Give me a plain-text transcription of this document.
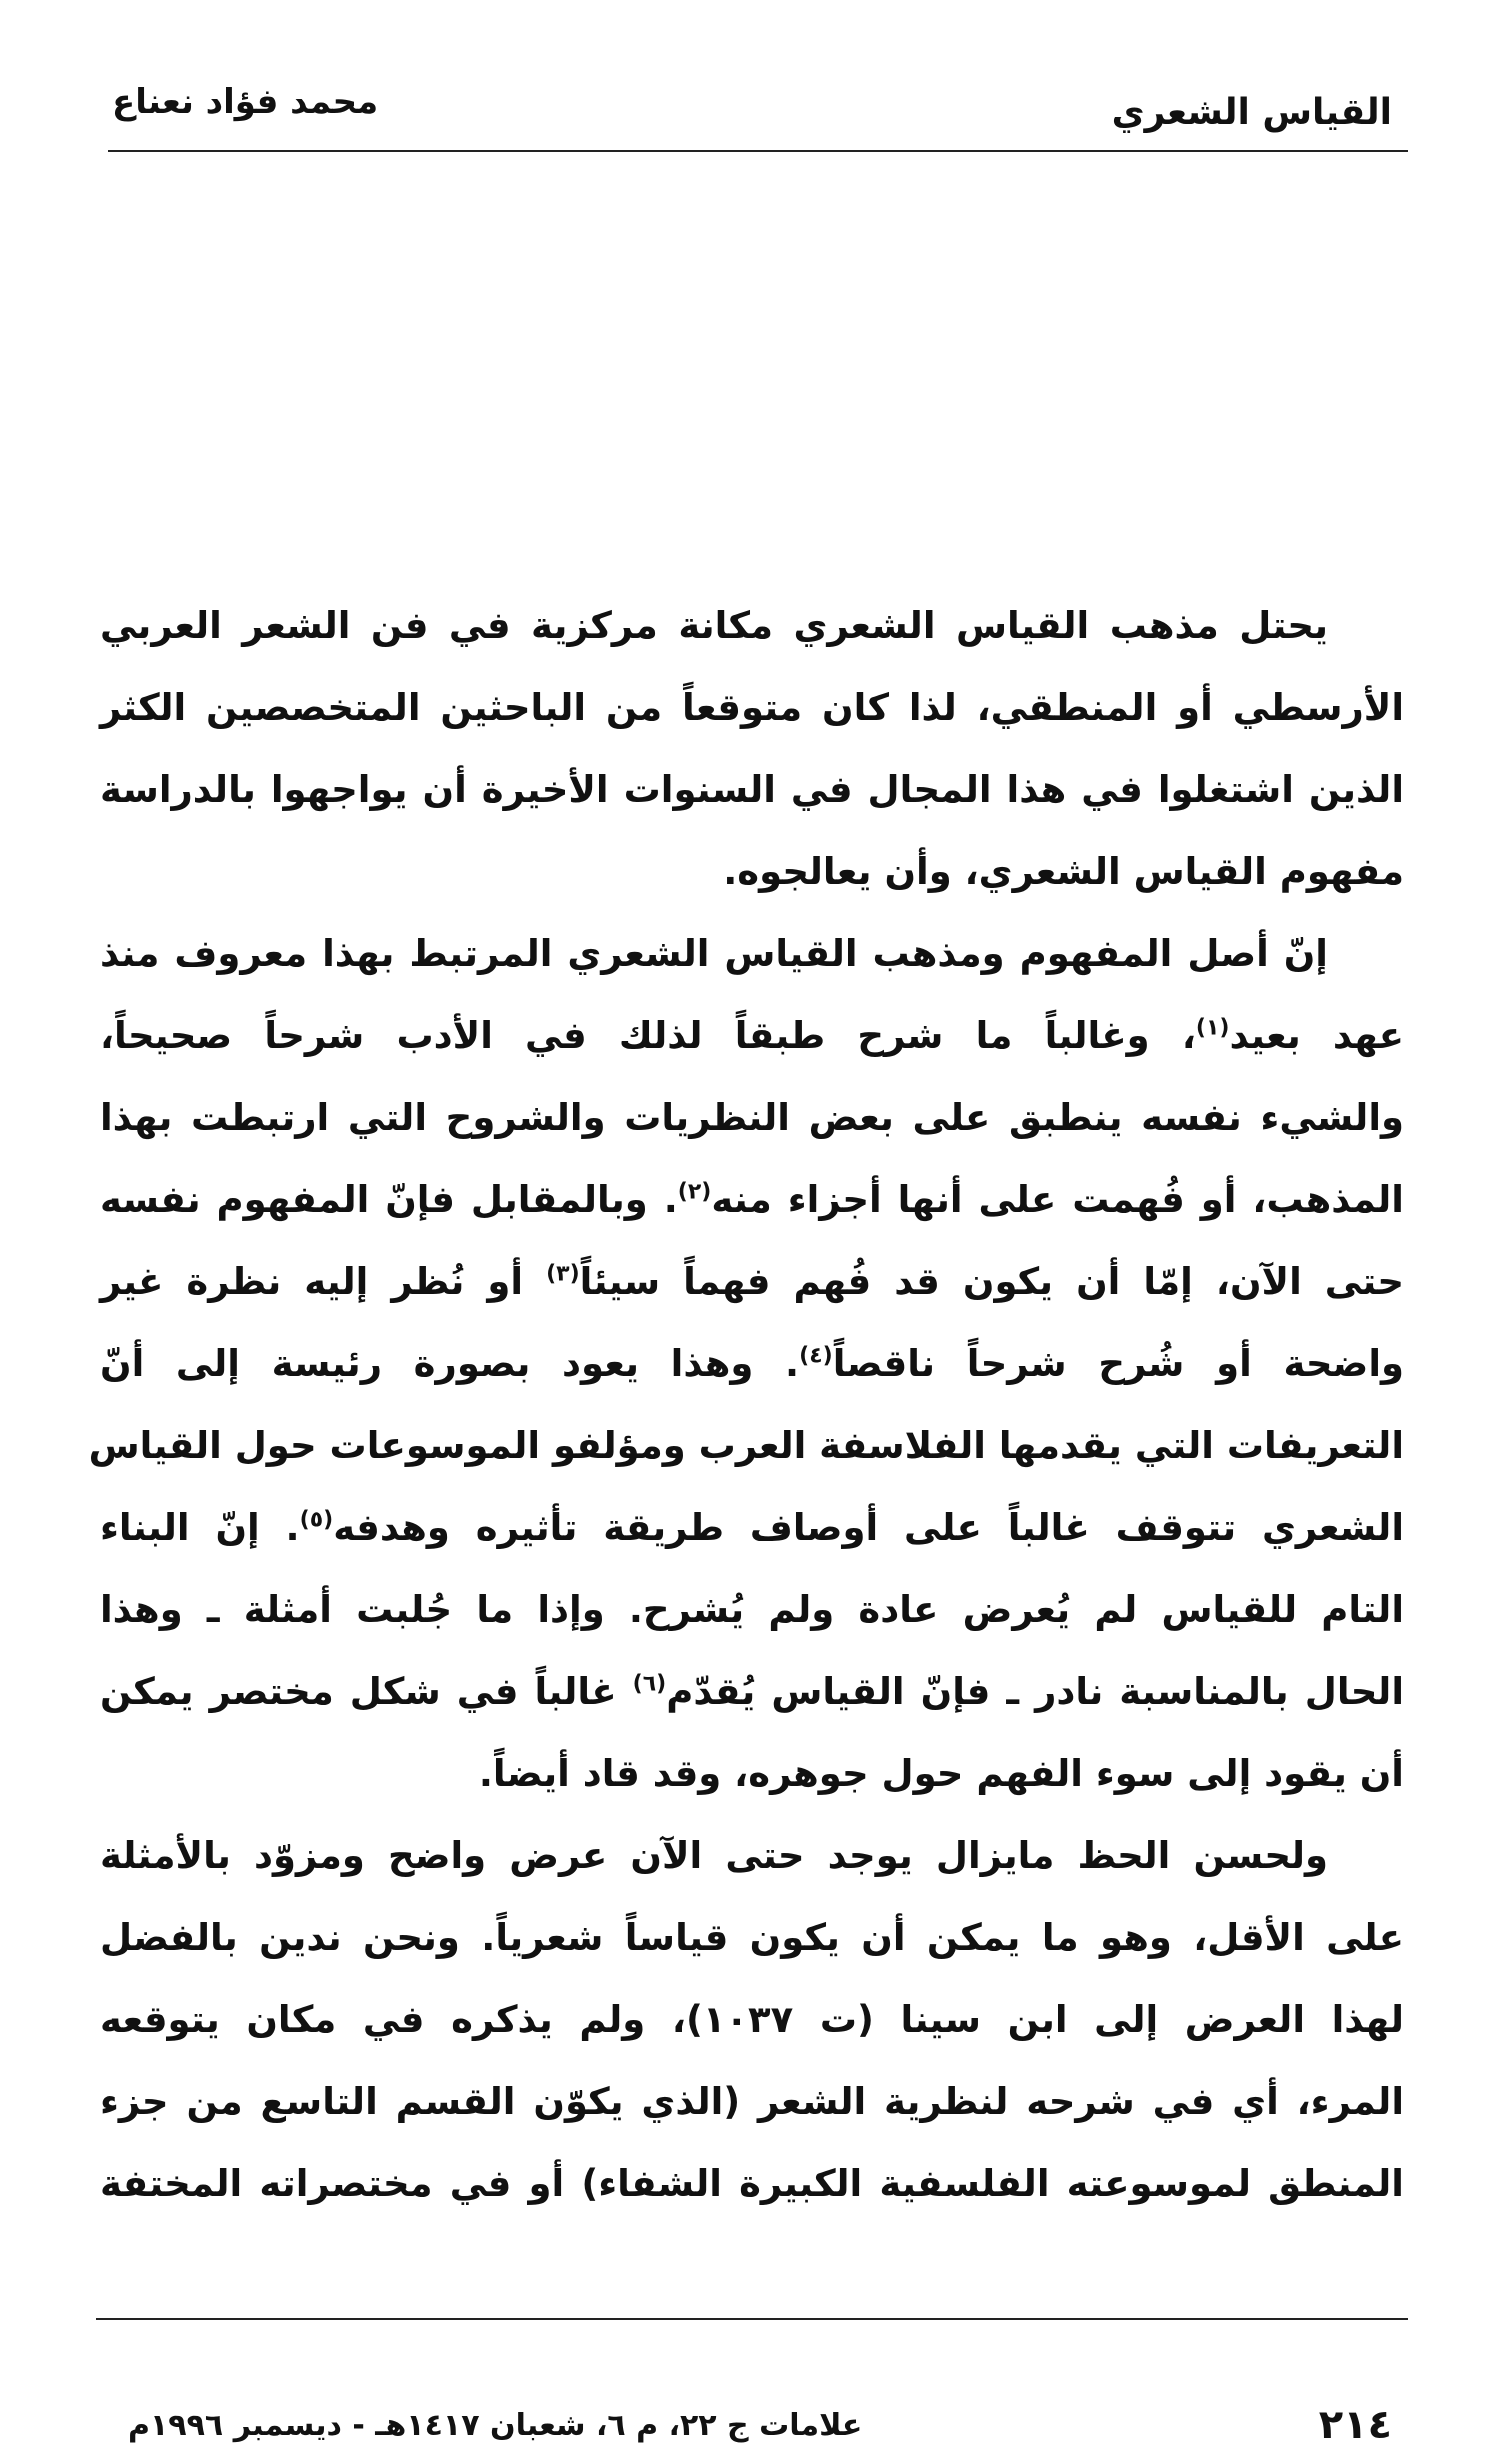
محمد فؤاد نعناع	القياس الشعري
يحتل مذهب القياس الشعري مكانة مركزية في فن الشعر العربي
الأرسطي أو المنطقي، لذا كان متوقعاً من الباحثين المتخصصين الكثر
الذين اشتغلوا في هذا المجال في السنوات الأخيرة أن يواجهوا بالدراسة
مفهوم القياس الشعري، وأن يعالجوه.
إنّ أصل المفهوم ومذهب القياس الشعري المرتبط بهذا معروف منذ
عهد بعيد$^{(١)}$، وغالباً ما شرح طبقاً لذلك في الأدب شرحاً صحيحاً،
والشيء نفسه ينطبق على بعض النظريات والشروح التي ارتبطت بهذا
المذهب، أو فُهمت على أنها أجزاء منه$^{(٢)}$. وبالمقابل فإنّ المفهوم نفسه
حتى الآن، إمّا أن يكون قد فُهم فهماً سيئاً$^{(٣)}$ أو نُظر إليه نظرة غير
واضحة أو شُرح شرحاً ناقصاً$^{(٤)}$. وهذا يعود بصورة رئيسة إلى أنّ
التعريفات التي يقدمها الفلاسفة العرب ومؤلفو الموسوعات حول القياس
الشعري تتوقف غالباً على أوصاف طريقة تأثيره وهدفه$^{(٥)}$. إنّ البناء
التام للقياس لم يُعرض عادة ولم يُشرح. وإذا ما جُلبت أمثلة ـ وهذا
الحال بالمناسبة نادر ـ فإنّ القياس يُقدّم$^{(٦)}$ غالباً في شكل مختصر يمكن
أن يقود إلى سوء الفهم حول جوهره، وقد قاد أيضاً.
ولحسن الحظ مايزال يوجد حتى الآن عرض واضح ومزوّد بالأمثلة
على الأقل، وهو ما يمكن أن يكون قياساً شعرياً. ونحن ندين بالفضل
لهذا العرض إلى ابن سينا (ت ١٠٣٧)، ولم يذكره في مكان يتوقعه
المرء، أي في شرحه لنظرية الشعر (الذي يكوّن القسم التاسع من جزء
المنطق لموسوعته الفلسفية الكبيرة الشفاء) أو في مختصراته المختفة
٢١٤
علامات ج ٢٢، م ٦، شعبان ١٤١٧هـ - ديسمبر ١٩٩٦م
